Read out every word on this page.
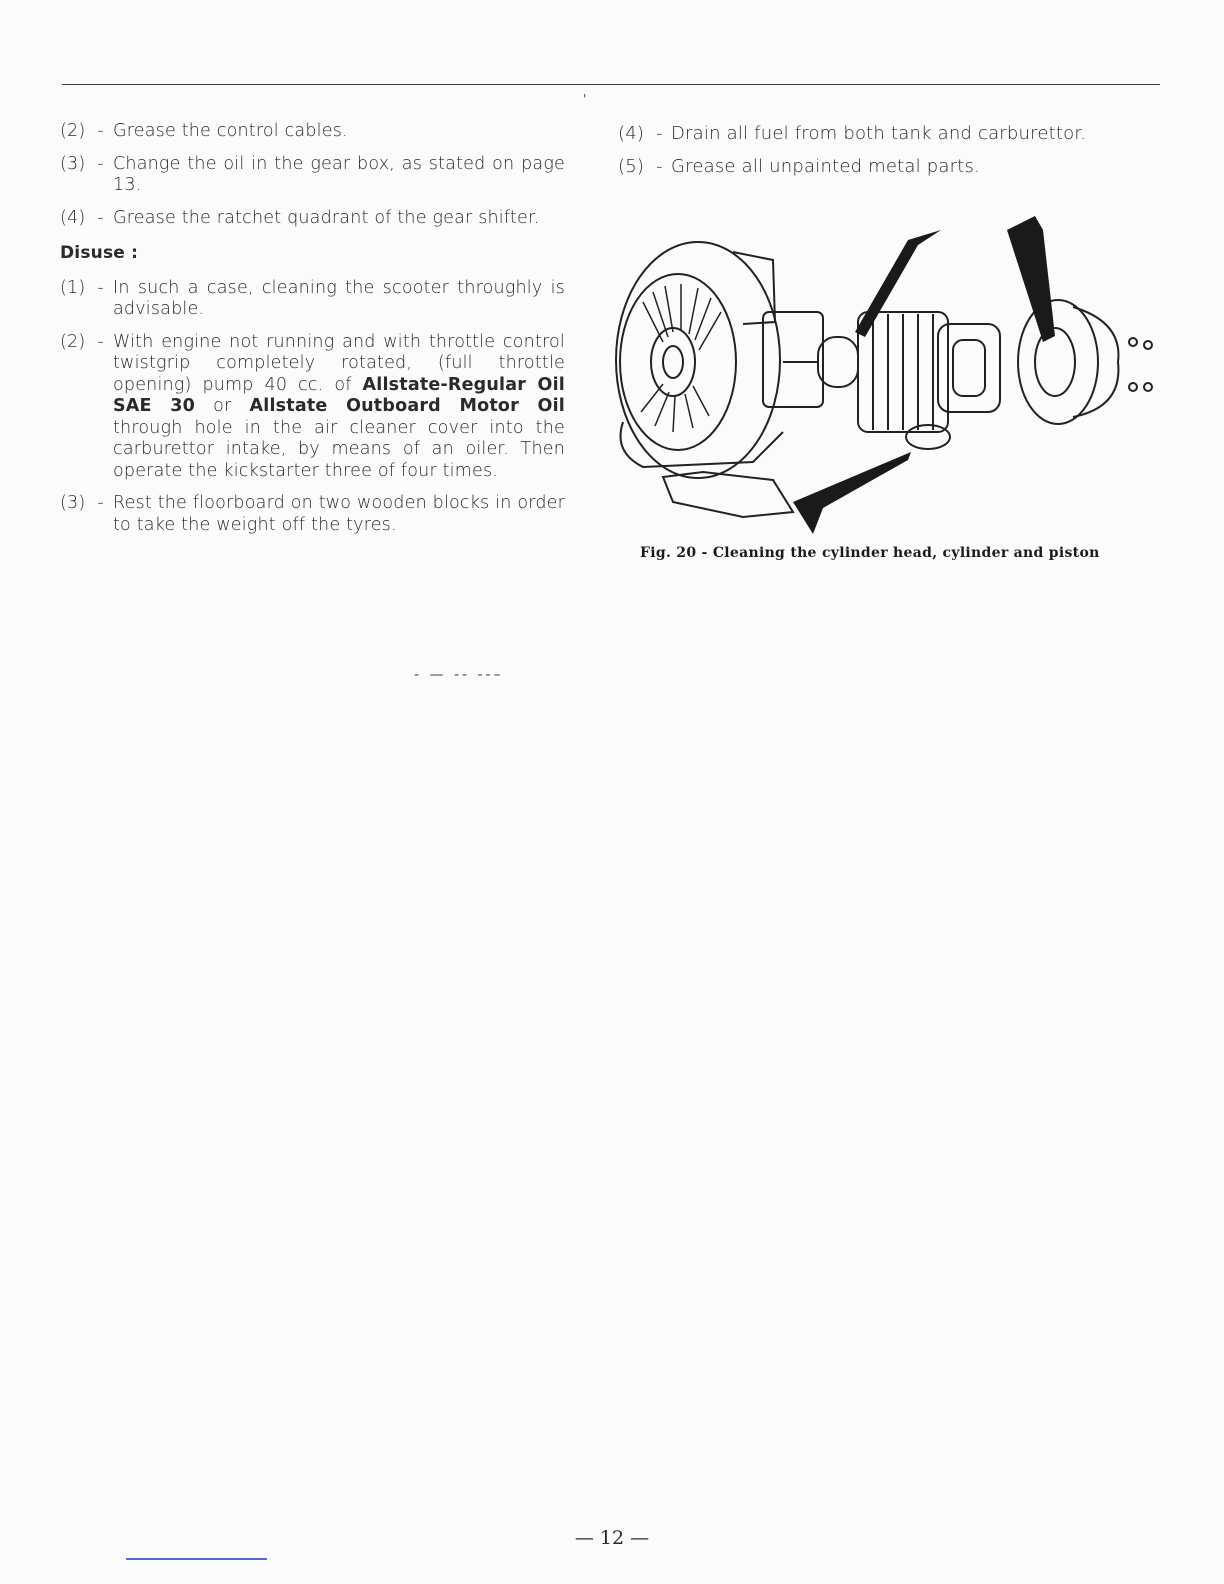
'
(2) - Grease the control cables.
(3) - Change the oil in the gear box, as stated on page 13.
(4) - Grease the ratchet quadrant of the gear shifter.
Disuse :
(1) - In such a case, cleaning the scooter throughly is advisable.
(2) - With engine not running and with throttle control twistgrip completely rotated, (full throttle opening) pump 40 cc. of Allstate-Regular Oil SAE 30 or Allstate Outboard Motor Oil through hole in the air cleaner cover into the carburettor intake, by means of an oiler. Then operate the kickstarter three of four times.
(3) - Rest the floorboard on two wooden blocks in order to take the weight off the tyres.
(4) - Drain all fuel from both tank and carburettor.
(5) - Grease all unpainted metal parts.
Fig. 20 - Cleaning the cylinder head, cylinder and piston
- — -- --–
— 12 —
